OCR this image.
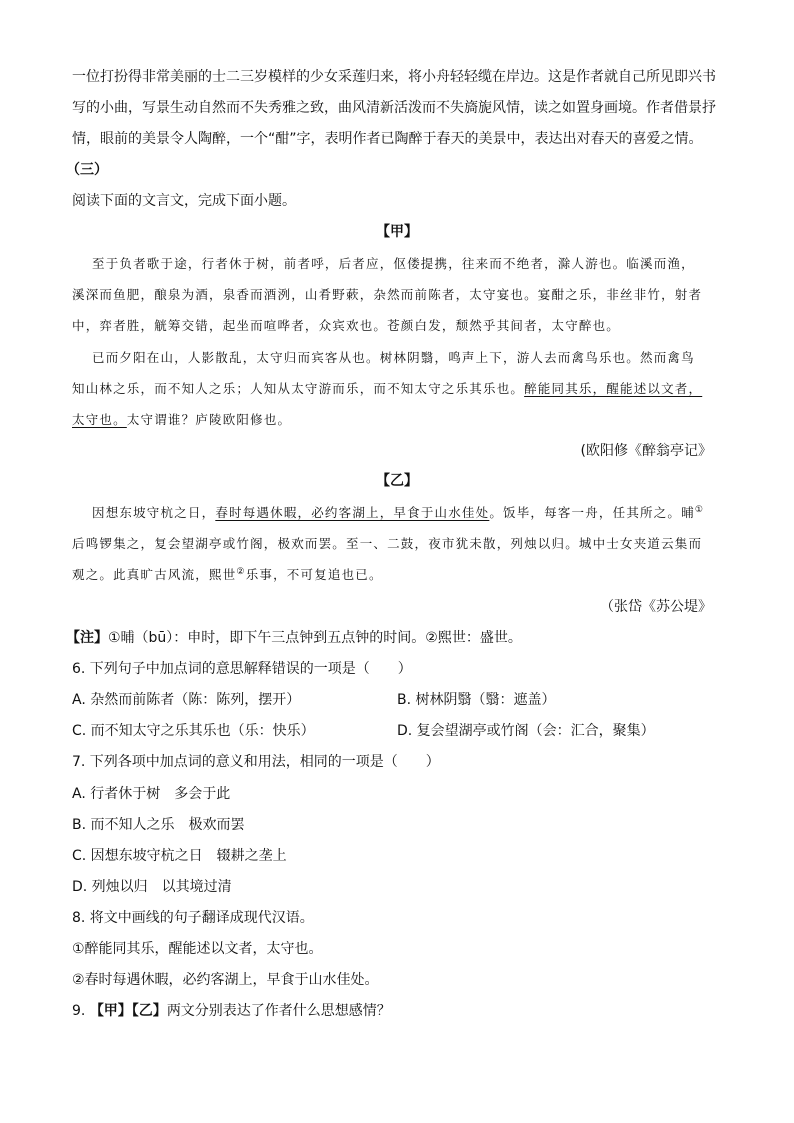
一位打扮得非常美丽的士二三岁模样的少女采莲归来，将小舟轻轻缆在岸边。这是作者就自己所见即兴书
写的小曲，写景生动自然而不失秀雅之致，曲风清新活泼而不失旖旎风情，读之如置身画境。作者借景抒
情，眼前的美景令人陶醉，一个“酣”字，表明作者已陶醉于春天的美景中，表达出对春天的喜爱之情。
（三）
阅读下面的文言文，完成下面小题。
【甲】
至于负者歌于途，行者休于树，前者呼，后者应，伛偻提携，往来而不绝者，滁人游也。临溪而渔，
溪深而鱼肥，酿泉为酒，泉香而酒洌，山肴野蔌，杂然而前陈者，太守宴也。宴酣之乐，非丝非竹，射者
中，弈者胜，觥筹交错，起坐而喧哗者，众宾欢也。苍颜白发，颓然乎其间者，太守醉也。
已而夕阳在山，人影散乱，太守归而宾客从也。树林阴翳，鸣声上下，游人去而禽鸟乐也。然而禽鸟
知山林之乐，而不知人之乐；人知从太守游而乐，而不知太守之乐其乐也。醉能同其乐，醒能述以文者，
太守也。太守谓谁？庐陵欧阳修也。
(欧阳修《醉翁亭记》
【乙】
因想东坡守杭之日，春时每遇休暇，必约客湖上，早食于山水佳处。饭毕，每客一舟，任其所之。晡①
后鸣锣集之，复会望湖亭或竹阁，极欢而罢。至一、二鼓，夜市犹未散，列烛以归。城中士女夹道云集而
观之。此真旷古风流，熙世②乐事，不可复追也已。
（张岱《苏公堤》
【注】①晡（bū）：申时，即下午三点钟到五点钟的时间。②熙世：盛世。
6. 下列句子中加点词的意思解释错误的一项是（　　）
A. 杂然而前陈者（陈：陈列，摆开）	B. 树林阴翳（翳：遮盖）
C. 而不知太守之乐其乐也（乐：快乐）	D. 复会望湖亭或竹阁（会：汇合，聚集）
7. 下列各项中加点词的意义和用法，相同的一项是（　　）
A. 行者休于树　多会于此
B. 而不知人之乐　极欢而罢
C. 因想东坡守杭之日　辍耕之垄上
D. 列烛以归　以其境过清
8. 将文中画线的句子翻译成现代汉语。
①醉能同其乐，醒能述以文者，太守也。
②春时每遇休暇，必约客湖上，早食于山水佳处。
9. 【甲】【乙】两文分别表达了作者什么思想感情？
